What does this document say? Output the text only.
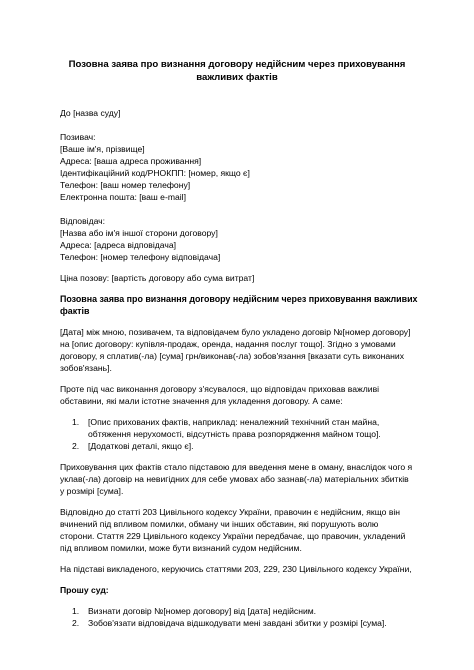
Позовна заява про визнання договору недійсним через приховування
важливих фактів
До [назва суду]
Позивач:
[Ваше ім'я, прізвище]
Адреса: [ваша адреса проживання]
Ідентифікаційний код/РНОКПП: [номер, якщо є]
Телефон: [ваш номер телефону]
Електронна пошта: [ваш e-mail]
Відповідач:
[Назва або ім'я іншої сторони договору]
Адреса: [адреса відповідача]
Телефон: [номер телефону відповідача]
Ціна позову: [вартість договору або сума витрат]
Позовна заява про визнання договору недійсним через приховування важливих
фактів
[Дата] між мною, позивачем, та відповідачем було укладено договір №[номер договору]
на [опис договору: купівля-продаж, оренда, надання послуг тощо]. Згідно з умовами
договору, я сплатив(-ла) [сума] грн/виконав(-ла) зобов'язання [вказати суть виконаних
зобов'язань].
Проте під час виконання договору з'ясувалося, що відповідач приховав важливі
обставини, які мали істотне значення для укладення договору. А саме:
1. [Опис прихованих фактів, наприклад: неналежний технічний стан майна,
обтяження нерухомості, відсутність права розпорядження майном тощо].
2. [Додаткові деталі, якщо є].
Приховування цих фактів стало підставою для введення мене в оману, внаслідок чого я
уклав(-ла) договір на невигідних для себе умовах або зазнав(-ла) матеріальних збитків
у розмірі [сума].
Відповідно до статті 203 Цивільного кодексу України, правочин є недійсним, якщо він
вчинений під впливом помилки, обману чи інших обставин, які порушують волю
сторони. Стаття 229 Цивільного кодексу України передбачає, що правочин, укладений
під впливом помилки, може бути визнаний судом недійсним.
На підставі викладеного, керуючись статтями 203, 229, 230 Цивільного кодексу України,
Прошу суд:
1. Визнати договір №[номер договору] від [дата] недійсним.
2. Зобов'язати відповідача відшкодувати мені завдані збитки у розмірі [сума].
